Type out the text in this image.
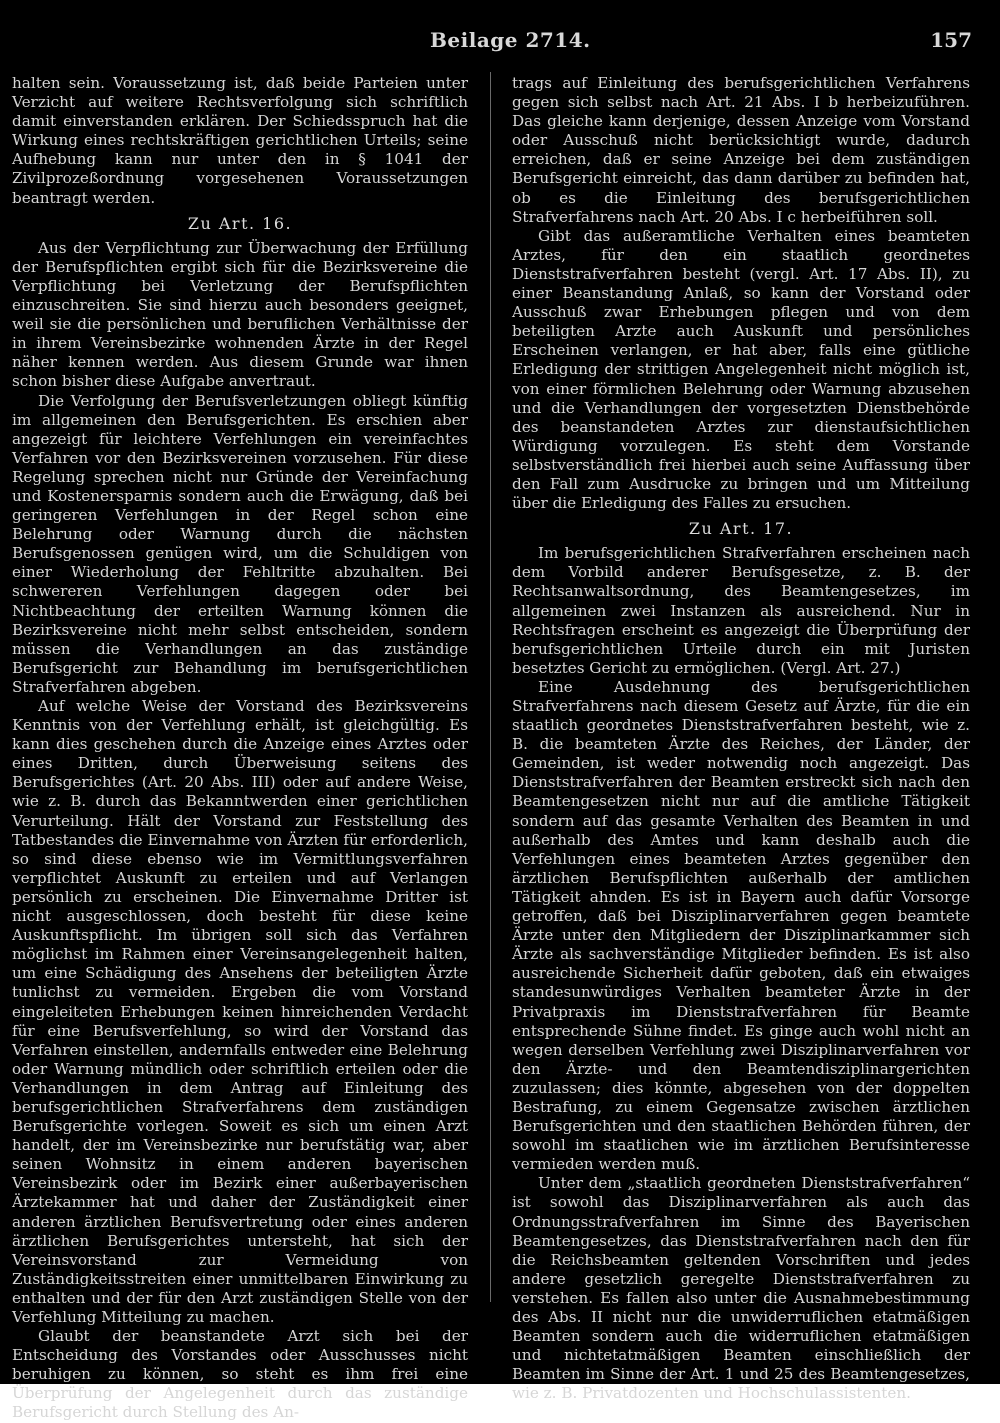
Beilage 2714.	157

halten sein. Voraussetzung ist, daß beide Parteien unter Verzicht auf weitere Rechtsverfolgung sich schriftlich damit einverstanden erklären. Der Schiedsspruch hat die Wirkung eines rechtskräftigen gerichtlichen Urteils; seine Aufhebung kann nur unter den in § 1041 der Zivilprozeßordnung vorgesehenen Voraussetzungen beantragt werden.

Zu Art. 16.

Aus der Verpflichtung zur Überwachung der Erfüllung der Berufspflichten ergibt sich für die Bezirksvereine die Verpflichtung bei Verletzung der Berufspflichten einzuschreiten. Sie sind hierzu auch besonders geeignet, weil sie die persönlichen und beruflichen Verhältnisse der in ihrem Vereinsbezirke wohnenden Ärzte in der Regel näher kennen werden. Aus diesem Grunde war ihnen schon bisher diese Aufgabe anvertraut.

Die Verfolgung der Berufsverletzungen obliegt künftig im allgemeinen den Berufsgerichten. Es erschien aber angezeigt für leichtere Verfehlungen ein vereinfachtes Verfahren vor den Bezirksvereinen vorzusehen. Für diese Regelung sprechen nicht nur Gründe der Vereinfachung und Kostenersparnis sondern auch die Erwägung, daß bei geringeren Verfehlungen in der Regel schon eine Belehrung oder Warnung durch die nächsten Berufsgenossen genügen wird, um die Schuldigen von einer Wiederholung der Fehltritte abzuhalten. Bei schwereren Verfehlungen dagegen oder bei Nichtbeachtung der erteilten Warnung können die Bezirksvereine nicht mehr selbst entscheiden, sondern müssen die Verhandlungen an das zuständige Berufsgericht zur Behandlung im berufsgerichtlichen Strafverfahren abgeben.

Auf welche Weise der Vorstand des Bezirksvereins Kenntnis von der Verfehlung erhält, ist gleichgültig. Es kann dies geschehen durch die Anzeige eines Arztes oder eines Dritten, durch Überweisung seitens des Berufsgerichtes (Art. 20 Abs. III) oder auf andere Weise, wie z. B. durch das Bekanntwerden einer gerichtlichen Verurteilung. Hält der Vorstand zur Feststellung des Tatbestandes die Einvernahme von Ärzten für erforderlich, so sind diese ebenso wie im Vermittlungsverfahren verpflichtet Auskunft zu erteilen und auf Verlangen persönlich zu erscheinen. Die Einvernahme Dritter ist nicht ausgeschlossen, doch besteht für diese keine Auskunftspflicht. Im übrigen soll sich das Verfahren möglichst im Rahmen einer Vereinsangelegenheit halten, um eine Schädigung des Ansehens der beteiligten Ärzte tunlichst zu vermeiden. Ergeben die vom Vorstand eingeleiteten Erhebungen keinen hinreichenden Verdacht für eine Berufsverfehlung, so wird der Vorstand das Verfahren einstellen, andernfalls entweder eine Belehrung oder Warnung mündlich oder schriftlich erteilen oder die Verhandlungen in dem Antrag auf Einleitung des berufsgerichtlichen Strafverfahrens dem zuständigen Berufsgerichte vorlegen. Soweit es sich um einen Arzt handelt, der im Vereinsbezirke nur berufstätig war, aber seinen Wohnsitz in einem anderen bayerischen Vereinsbezirk oder im Bezirk einer außerbayerischen Ärztekammer hat und daher der Zuständigkeit einer anderen ärztlichen Berufsvertretung oder eines anderen ärztlichen Berufsgerichtes untersteht, hat sich der Vereinsvorstand zur Vermeidung von Zuständigkeitsstreiten einer unmittelbaren Einwirkung zu enthalten und der für den Arzt zuständigen Stelle von der Verfehlung Mitteilung zu machen.

Glaubt der beanstandete Arzt sich bei der Entscheidung des Vorstandes oder Ausschusses nicht beruhigen zu können, so steht es ihm frei eine Überprüfung der Angelegenheit durch das zuständige Berufsgericht durch Stellung des An-

trags auf Einleitung des berufsgerichtlichen Verfahrens gegen sich selbst nach Art. 21 Abs. I b herbeizuführen. Das gleiche kann derjenige, dessen Anzeige vom Vorstand oder Ausschuß nicht berücksichtigt wurde, dadurch erreichen, daß er seine Anzeige bei dem zuständigen Berufsgericht einreicht, das dann darüber zu befinden hat, ob es die Einleitung des berufsgerichtlichen Strafverfahrens nach Art. 20 Abs. I c herbeiführen soll.

Gibt das außeramtliche Verhalten eines beamteten Arztes, für den ein staatlich geordnetes Dienststrafverfahren besteht (vergl. Art. 17 Abs. II), zu einer Beanstandung Anlaß, so kann der Vorstand oder Ausschuß zwar Erhebungen pflegen und von dem beteiligten Arzte auch Auskunft und persönliches Erscheinen verlangen, er hat aber, falls eine gütliche Erledigung der strittigen Angelegenheit nicht möglich ist, von einer förmlichen Belehrung oder Warnung abzusehen und die Verhandlungen der vorgesetzten Dienstbehörde des beanstandeten Arztes zur dienstaufsichtlichen Würdigung vorzulegen. Es steht dem Vorstande selbstverständlich frei hierbei auch seine Auffassung über den Fall zum Ausdrucke zu bringen und um Mitteilung über die Erledigung des Falles zu ersuchen.

Zu Art. 17.

Im berufsgerichtlichen Strafverfahren erscheinen nach dem Vorbild anderer Berufsgesetze, z. B. der Rechtsanwaltsordnung, des Beamtengesetzes, im allgemeinen zwei Instanzen als ausreichend. Nur in Rechtsfragen erscheint es angezeigt die Überprüfung der berufsgerichtlichen Urteile durch ein mit Juristen besetztes Gericht zu ermöglichen. (Vergl. Art. 27.)

Eine Ausdehnung des berufsgerichtlichen Strafverfahrens nach diesem Gesetz auf Ärzte, für die ein staatlich geordnetes Dienststrafverfahren besteht, wie z. B. die beamteten Ärzte des Reiches, der Länder, der Gemeinden, ist weder notwendig noch angezeigt. Das Dienststrafverfahren der Beamten erstreckt sich nach den Beamtengesetzen nicht nur auf die amtliche Tätigkeit sondern auf das gesamte Verhalten des Beamten in und außerhalb des Amtes und kann deshalb auch die Verfehlungen eines beamteten Arztes gegenüber den ärztlichen Berufspflichten außerhalb der amtlichen Tätigkeit ahnden. Es ist in Bayern auch dafür Vorsorge getroffen, daß bei Disziplinarverfahren gegen beamtete Ärzte unter den Mitgliedern der Disziplinarkammer sich Ärzte als sachverständige Mitglieder befinden. Es ist also ausreichende Sicherheit dafür geboten, daß ein etwaiges standesunwürdiges Verhalten beamteter Ärzte in der Privatpraxis im Dienststrafverfahren für Beamte entsprechende Sühne findet. Es ginge auch wohl nicht an wegen derselben Verfehlung zwei Disziplinarverfahren vor den Ärzte- und den Beamtendisziplinargerichten zuzulassen; dies könnte, abgesehen von der doppelten Bestrafung, zu einem Gegensatze zwischen ärztlichen Berufsgerichten und den staatlichen Behörden führen, der sowohl im staatlichen wie im ärztlichen Berufsinteresse vermieden werden muß.

Unter dem „staatlich geordneten Dienststrafverfahren“ ist sowohl das Disziplinarverfahren als auch das Ordnungsstrafverfahren im Sinne des Bayerischen Beamtengesetzes, das Dienststrafverfahren nach den für die Reichsbeamten geltenden Vorschriften und jedes andere gesetzlich geregelte Dienststrafverfahren zu verstehen. Es fallen also unter die Ausnahmebestimmung des Abs. II nicht nur die unwiderruflichen etatmäßigen Beamten sondern auch die widerruflichen etatmäßigen und nichtetatmäßigen Beamten einschließlich der Beamten im Sinne der Art. 1 und 25 des Beamtengesetzes, wie z. B. Privatdozenten und Hochschulassistenten.
